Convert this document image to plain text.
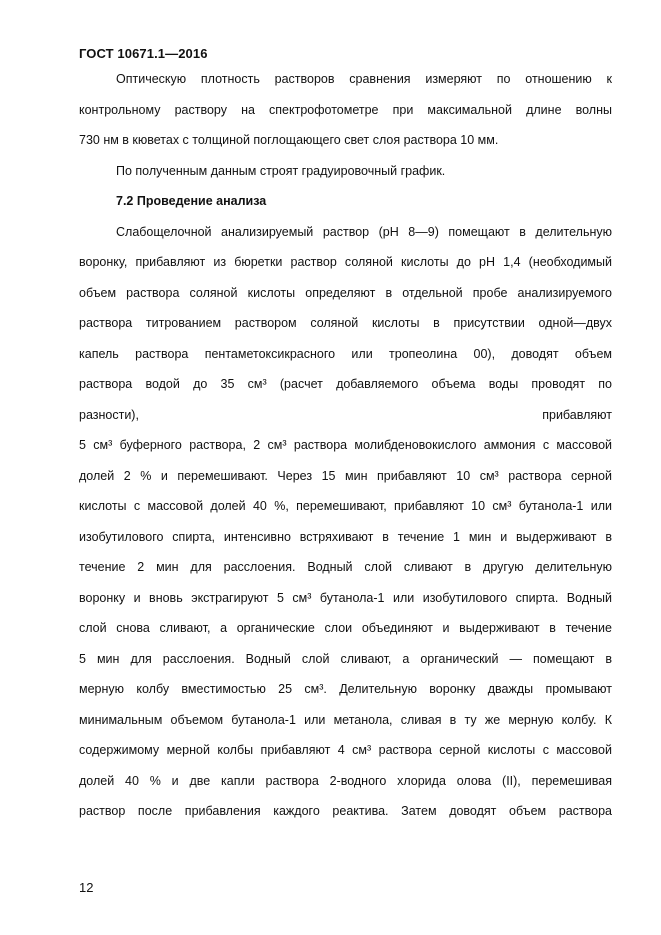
ГОСТ 10671.1—2016
Оптическую плотность растворов сравнения измеряют по отношению к
контрольному раствору на спектрофотометре при максимальной длине волны
730 нм в кюветах с толщиной поглощающего свет слоя раствора 10 мм.
По полученным данным строят градуировочный график.
7.2 Проведение анализа
Слабощелочной анализируемый раствор (рН 8—9) помещают в делительную
воронку, прибавляют из бюретки раствор соляной кислоты до рН 1,4 (необходимый
объем раствора соляной кислоты определяют в отдельной пробе анализируемого
раствора титрованием раствором соляной кислоты в присутствии одной—двух
капель раствора пентаметоксикрасного или тропеолина 00), доводят объем
раствора водой до 35 см³ (расчет добавляемого объема воды проводят по
разности), прибавляют
5 см³ буферного раствора, 2 см³ раствора молибденовокислого аммония с массовой
долей 2 % и перемешивают. Через 15 мин прибавляют 10 см³ раствора серной
кислоты с массовой долей 40 %, перемешивают, прибавляют 10 см³ бутанола-1 или
изобутилового спирта, интенсивно встряхивают в течение 1 мин и выдерживают в
течение 2 мин для расслоения. Водный слой сливают в другую делительную
воронку и вновь экстрагируют 5 см³ бутанола-1 или изобутилового спирта. Водный
слой снова сливают, а органические слои объединяют и выдерживают в течение
5 мин для расслоения. Водный слой сливают, а органический — помещают в
мерную колбу вместимостью 25 см³. Делительную воронку дважды промывают
минимальным объемом бутанола-1 или метанола, сливая в ту же мерную колбу. К
содержимому мерной колбы прибавляют 4 см³ раствора серной кислоты с массовой
долей 40 % и две капли раствора 2-водного хлорида олова (II), перемешивая
раствор после прибавления каждого реактива. Затем доводят объем раствора
12
